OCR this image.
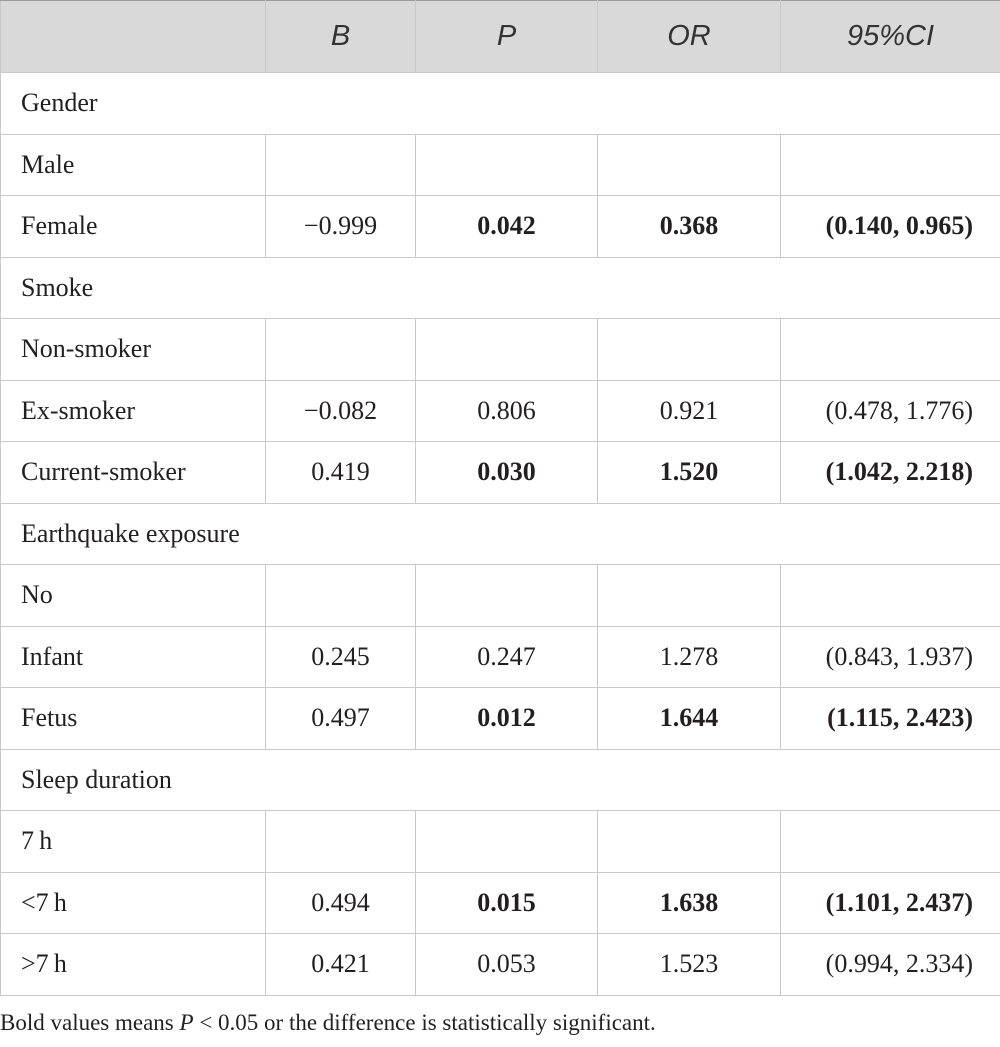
	B	P	OR	95%CI
Gender				
Male				
Female	−0.999	0.042	0.368	(0.140, 0.965)
Smoke				
Non-smoker				
Ex-smoker	−0.082	0.806	0.921	(0.478, 1.776)
Current-smoker	0.419	0.030	1.520	(1.042, 2.218)
Earthquake exposure				
No				
Infant	0.245	0.247	1.278	(0.843, 1.937)
Fetus	0.497	0.012	1.644	(1.115, 2.423)
Sleep duration				
7 h				
<7 h	0.494	0.015	1.638	(1.101, 2.437)
>7 h	0.421	0.053	1.523	(0.994, 2.334)
Bold values means P < 0.05 or the difference is statistically significant.
